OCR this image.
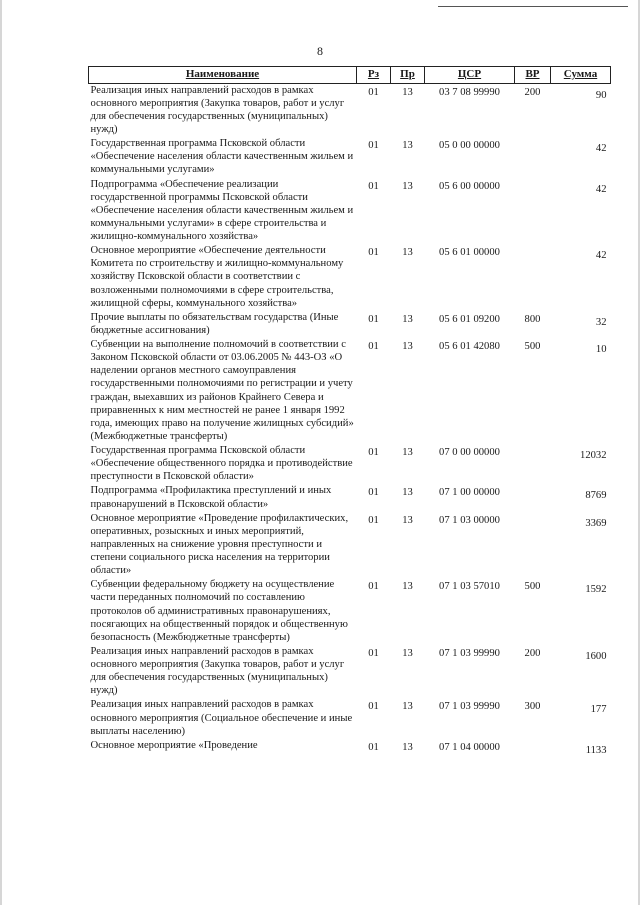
8
Наименование	Рз	Пр	ЦСР	ВР	Сумма
Реализация иных направлений расходов в рамках основного мероприятия (Закупка товаров, работ и услуг для обеспечения государственных (муниципальных) нужд)	01	13	03 7 08 99990	200	90
Государственная программа Псковской области «Обеспечение населения области качественным жильем и коммунальными услугами»	01	13	05 0 00 00000		42
Подпрограмма «Обеспечение реализации государственной программы Псковской области «Обеспечение населения области качественным жильем и коммунальными услугами» в сфере строительства и жилищно-коммунального хозяйства»	01	13	05 6 00 00000		42
Основное мероприятие «Обеспечение деятельности Комитета по строительству и жилищно-коммунальному хозяйству Псковской области в соответствии с возложенными полномочиями в сфере строительства, жилищной сферы, коммунального хозяйства»	01	13	05 6 01 00000		42
Прочие выплаты по обязательствам государства (Иные бюджетные ассигнования)	01	13	05 6 01 09200	800	32
Субвенции на выполнение полномочий в соответствии с Законом Псковской области от 03.06.2005 № 443-ОЗ «О наделении органов местного самоуправления государственными полномочиями по регистрации и учету граждан, выехавших из районов Крайнего Севера и приравненных к ним местностей не ранее 1 января 1992 года, имеющих право на получение жилищных субсидий» (Межбюджетные трансферты)	01	13	05 6 01 42080	500	10
Государственная программа Псковской области «Обеспечение общественного порядка и противодействие преступности в Псковской области»	01	13	07 0 00 00000		12032
Подпрограмма «Профилактика преступлений и иных правонарушений в Псковской области»	01	13	07 1 00 00000		8769
Основное мероприятие «Проведение профилактических, оперативных, розыскных и иных мероприятий, направленных на снижение уровня преступности и степени социального риска населения на территории области»	01	13	07 1 03 00000		3369
Субвенции федеральному бюджету на осуществление части переданных полномочий по составлению протоколов об административных правонарушениях, посягающих на общественный порядок и общественную безопасность (Межбюджетные трансферты)	01	13	07 1 03 57010	500	1592
Реализация иных направлений расходов в рамках основного мероприятия (Закупка товаров, работ и услуг для обеспечения государственных (муниципальных) нужд)	01	13	07 1 03 99990	200	1600
Реализация иных направлений расходов в рамках основного мероприятия (Социальное обеспечение и иные выплаты населению)	01	13	07 1 03 99990	300	177
Основное мероприятие «Проведение	01	13	07 1 04 00000		1133
